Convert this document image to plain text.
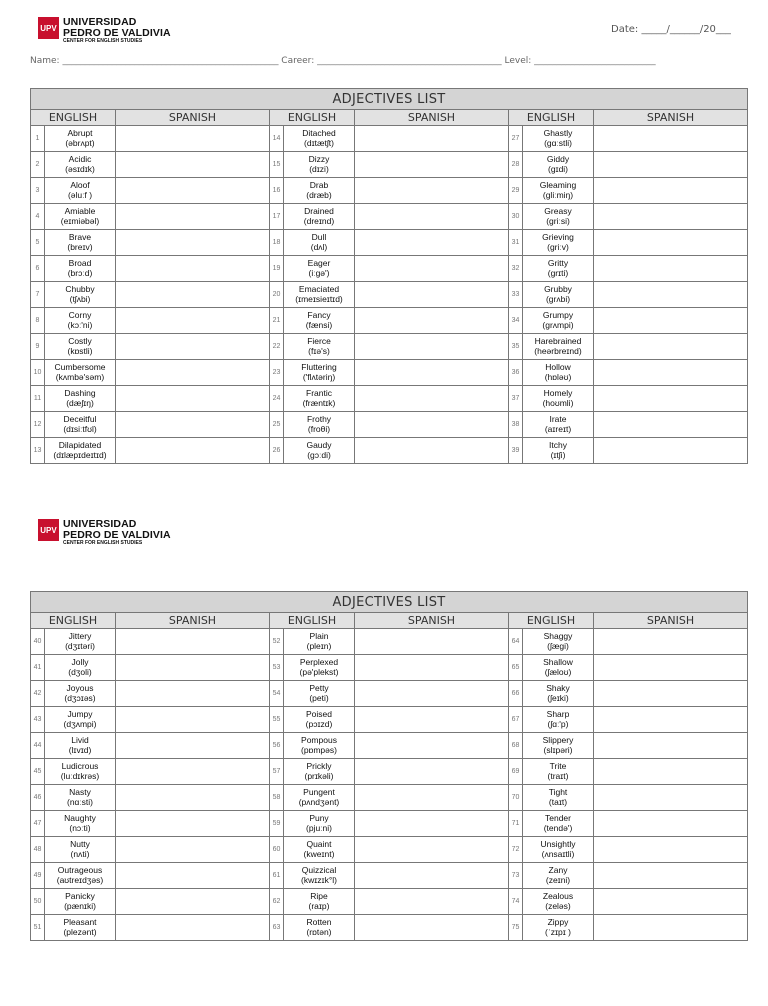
UPV UNIVERSIDAD
PEDRO DE VALDIVIA
CENTER FOR ENGLISH STUDIES
Date: _____/______/20___
Name: ________________________________________________ Career: _________________________________________ Level: ___________________________
ADJECTIVES LIST								
ENGLISH		SPANISH	ENGLISH		SPANISH	ENGLISH		SPANISH
1	Abrupt
(əbrʌpt)		14	Ditached
(dɪtætʃt)		27	Ghastly
(gɑːstli)	

2	Acidic
(əsɪdɪk)		15	Dizzy
(dɪzi)		28	Giddy
(gɪdi)	

3	Aloof
(əluːf )		16	Drab
(dræb)		29	Gleaming
(gliːmiŋ)	

4	Amiable
(eɪmiəbəl)		17	Drained
(dreɪnd)		30	Greasy
(griːsi)	

5	Brave
(breɪv)		18	Dull
(dʌl)		31	Grieving
(griːv)	

6	Broad
(brɔːd)		19	Eager
(iːgə')		32	Gritty
(grɪti)	

7	Chubby
(tʃʌbi)		20	Emaciated
(ɪmeɪsieɪtɪd)		33	Grubby
(grʌbi)	

8	Corny
(kɔː'ni)		21	Fancy
(fænsi)		34	Grumpy
(grʌmpi)	

9	Costly
(kɒstli)		22	Fierce
(fɪə's)		35	Harebrained
(heərbreɪnd)	

10	Cumbersome
(kʌmbə'səm)		23	Fluttering
('flʌtəriŋ)		36	Hollow
(hɒləʊ)	

11	Dashing
(dæʃɪŋ)		24	Frantic
(fræntɪk)		37	Homely
(hoʊmli)	

12	Deceitful
(dɪsiːtfʊl)		25	Frothy
(froθi)		38	Irate
(aɪreɪt)	

13	Dilapidated
(dɪlæpɪdeɪtɪd)		26	Gaudy
(gɔːdi)		39	Itchy
(ɪtʃi)	

UPV UNIVERSIDAD
PEDRO DE VALDIVIA
CENTER FOR ENGLISH STUDIES
ADJECTIVES LIST								
ENGLISH		SPANISH	ENGLISH		SPANISH	ENGLISH		SPANISH
40	Jittery
(dʒɪtəri)		52	Plain
(pleɪn)		64	Shaggy
(ʃægi)	

41	Jolly
(dʒoli)		53	Perplexed
(pə'plekst)		65	Shallow
(ʃæloʊ)	

42	Joyous
(dʒɔɪəs)		54	Petty
(peti)		66	Shaky
(ʃeɪki)	

43	Jumpy
(dʒʌmpi)		55	Poised
(pɔɪzd)		67	Sharp
(ʃɑː'p)	

44	Livid
(lɪvɪd)		56	Pompous
(pɒmpəs)		68	Slippery
(slɪpəri)	

45	Ludicrous
(luːdɪkrəs)		57	Prickly
(prɪkəli)		69	Trite
(traɪt)	

46	Nasty
(nɑːsti)		58	Pungent
(pʌndʒənt)		70	Tight
(taɪt)	

47	Naughty
(nɔːti)		59	Puny
(pjuːni)		71	Tender
(tendə')	

48	Nutty
(nʌti)		60	Quaint
(kweɪnt)		72	Unsightly
(ʌnsaɪtli)	

49	Outrageous
(aʊtreɪdʒəs)		61	Quizzical
(kwɪzɪk°l)		73	Zany
(zeɪni)	

50	Panicky
(pænɪki)		62	Ripe
(raɪp)		74	Zealous
(zeləs)	

51	Pleasant
(plezənt)		63	Rotten
(rɒtən)		75	Zippy
(ˈzɪpɪ )	
